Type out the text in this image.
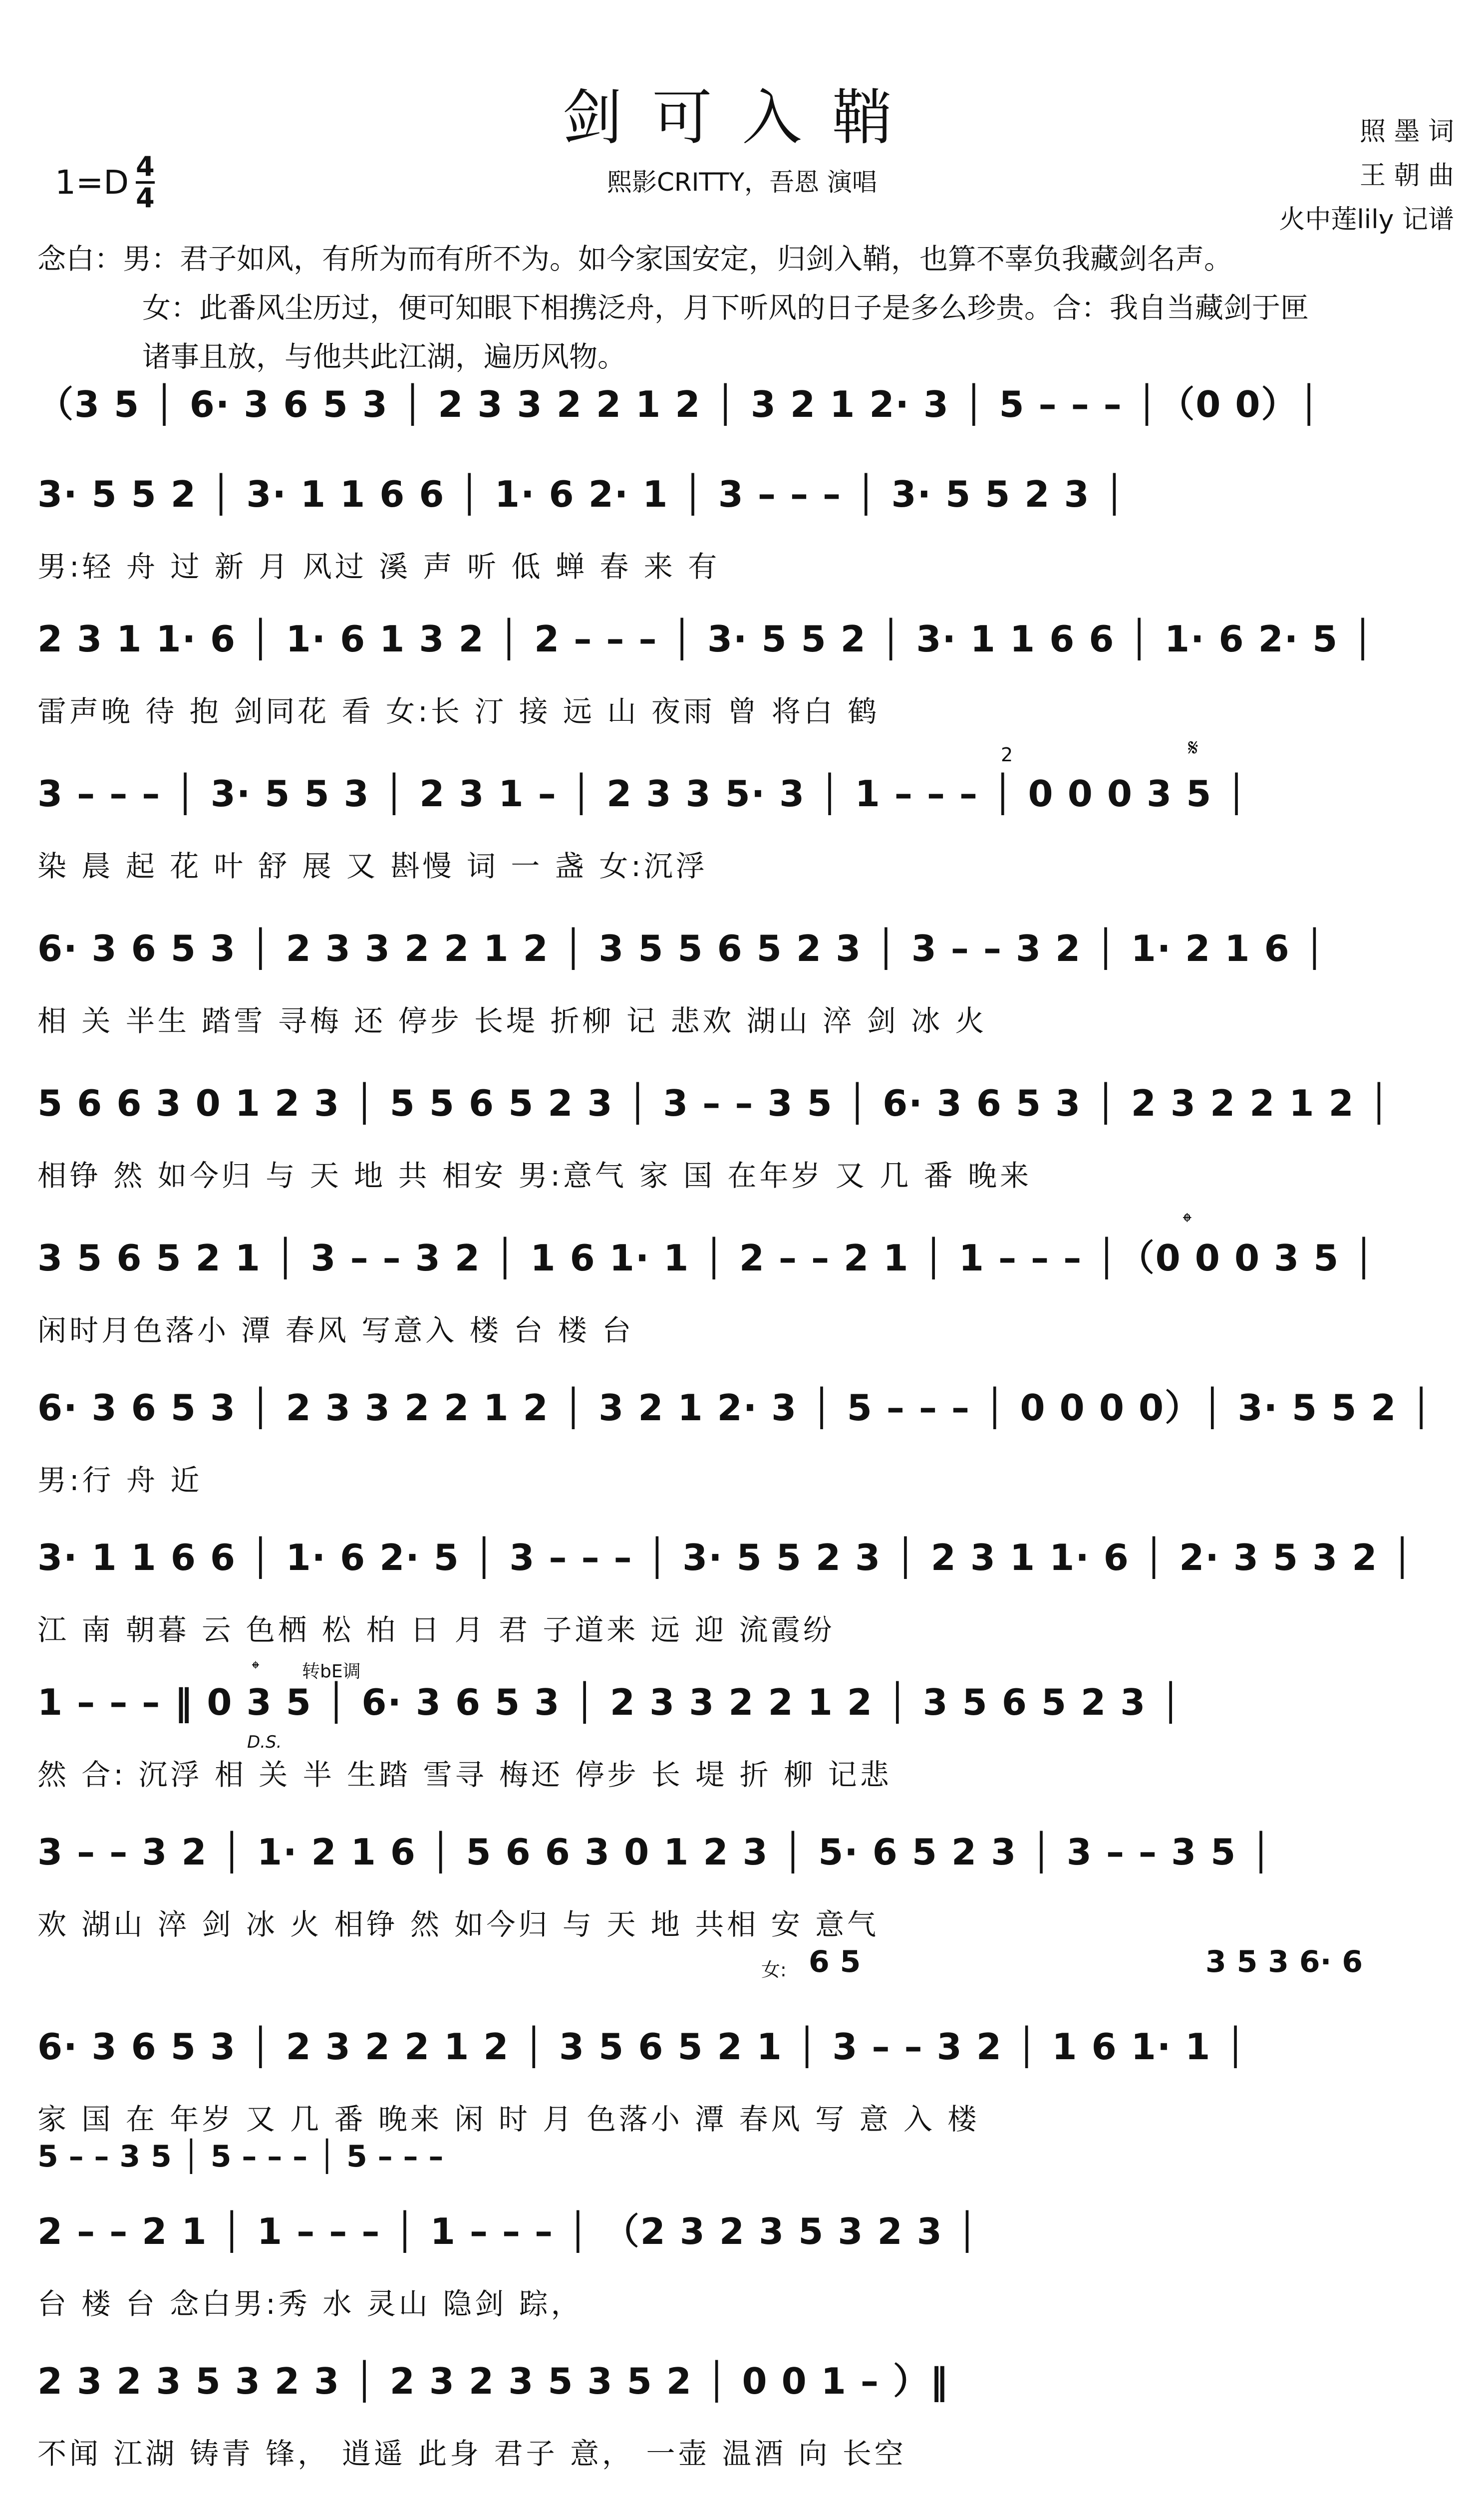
剑可入鞘
$1=D \frac{4}{4}$	熙影CRITTY，吾恩 演唱
照 墨 词
王 朝 曲
火中莲lily 记谱
念白：男：君子如风，有所为而有所不为。如今家国安定，归剑入鞘，也算不辜负我藏剑名声。
女：此番风尘历过，便可知眼下相携泛舟，月下听风的日子是多么珍贵。合：我自当藏剑于匣
诸事且放，与他共此江湖，遍历风物。
（3 5 │ 6· 3 6 5 3 │ 2 3 3 2 2 1 2 │ 3 2 1 2· 3 │ 5 – – – │（0 0）│
3· 5 5 2 │ 3· 1 1 6 6 │ 1· 6 2· 1 │ 3 – – – │ 3· 5 5 2 3 │
男:轻 舟 过 新 月 风过 溪 声 听 低 蝉 春 来 有
2 3 1 1· 6 │ 1· 6 1 3 2 │ 2 – – – │ 3· 5 5 2 │ 3· 1 1 6 6 │ 1· 6 2· 5 │
雷声晚 待 抱 剑同花 看 女:长 汀 接 远 山 夜雨 曾 将白 鹤
3 – – – │ 3· 5 5 3 │ 2 3 1 – │ 2 3 3 5· 3 │ 1 – – – │ 0 0 0 3 5 │
染 晨 起 花 叶 舒 展 又 斟慢 词 一 盏 女:沉浮
6· 3 6 5 3 │ 2 3 3 2 2 1 2 │ 3 5 5 6 5 2 3 │ 3 – – 3 2 │ 1· 2 1 6 │
相 关 半生 踏雪 寻梅 还 停步 长堤 折柳 记 悲欢 湖山 淬 剑 冰 火
5 6 6 3 0 1 2 3 │ 5 5 6 5 2 3 │ 3 – – 3 5 │ 6· 3 6 5 3 │ 2 3 2 2 1 2 │
相铮 然 如今归 与 天 地 共 相安 男:意气 家 国 在年岁 又 几 番 晚来
3 5 6 5 2 1 │ 3 – – 3 2 │ 1 6 1· 1 │ 2 – – 2 1 │ 1 – – – │（0 0 0 3 5 │
闲时月色落小 潭 春风 写意入 楼 台 楼 台
6· 3 6 5 3 │ 2 3 3 2 2 1 2 │ 3 2 1 2· 3 │ 5 – – – │ 0 0 0 0）│ 3· 5 5 2 │
男:行 舟 近
3· 1 1 6 6 │ 1· 6 2· 5 │ 3 – – – │ 3· 5 5 2 3 │ 2 3 1 1· 6 │ 2· 3 5 3 2 │
江 南 朝暮 云 色栖 松 柏 日 月 君 子道来 远 迎 流霞纷
1 – – – ‖ 0 3 5 │ 6· 3 6 5 3 │ 2 3 3 2 2 1 2 │ 3 5 6 5 2 3 │
然 合: 沉浮 相 关 半 生踏 雪寻 梅还 停步 长 堤 折 柳 记悲
3 – – 3 2 │ 1· 2 1 6 │ 5 6 6 3 0 1 2 3 │ 5· 6 5 2 3 │ 3 – – 3 5 │
欢 湖山 淬 剑 冰 火 相铮 然 如今归 与 天 地 共相 安 意气
6· 3 6 5 3 │ 2 3 2 2 1 2 │ 3 5 6 5 2 1 │ 3 – – 3 2 │ 1 6 1· 1 │
家 国 在 年岁 又 几 番 晚来 闲 时 月 色落小 潭 春风 写 意 入 楼
2 – – 2 1 │ 1 – – – │ 1 – – – │ （2 3 2 3 5 3 2 3 │
台 楼 台 念白男:秀 水 灵山 隐剑 踪，
2 3 2 3 5 3 2 3 │ 2 3 2 3 5 3 5 2 │ 0 0 1 – ）‖
不闻 江湖 铸青 锋， 逍遥 此身 君子 意， 一壶 温酒 向 长空
2	𝄋
𝄌
𝄌 转bE调
D.S.
女: 6 5	3 5 3 6· 6
5 – – 3 5 │ 5 – – – │ 5 – – –
